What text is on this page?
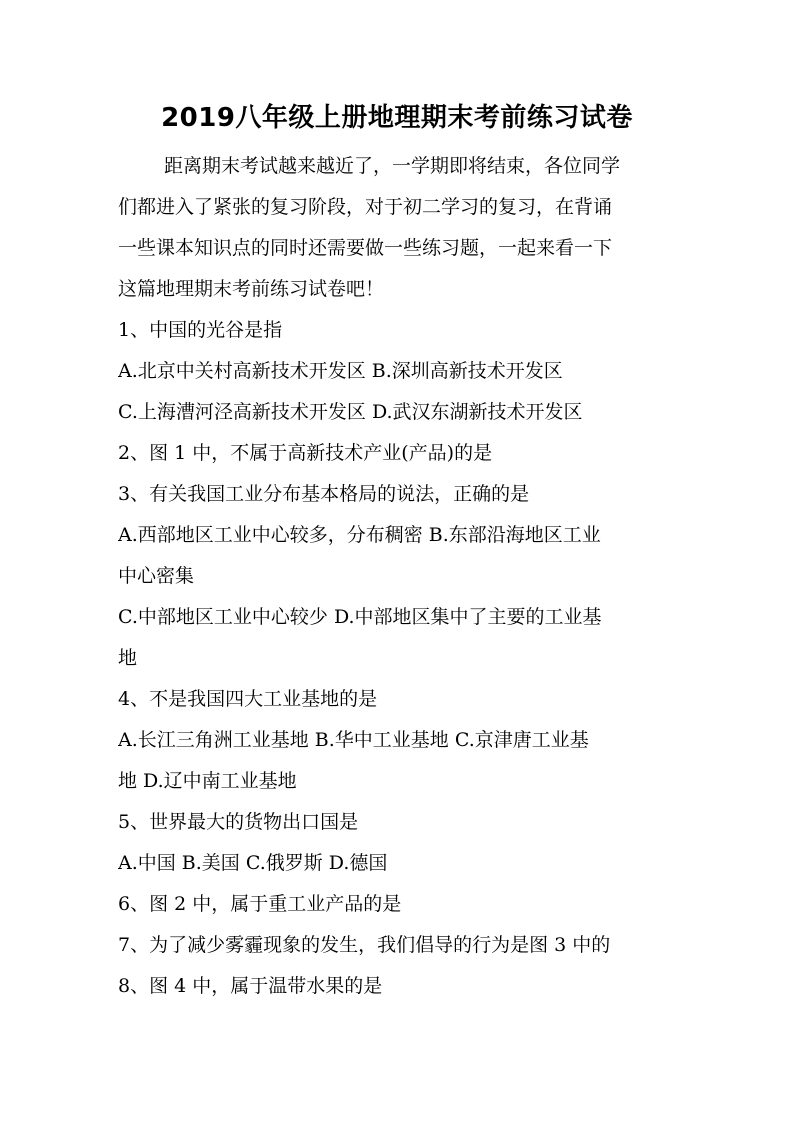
2019八年级上册地理期末考前练习试卷
距离期末考试越来越近了，一学期即将结束，各位同学
们都进入了紧张的复习阶段，对于初二学习的复习，在背诵
一些课本知识点的同时还需要做一些练习题，一起来看一下
这篇地理期末考前练习试卷吧！
1、中国的光谷是指
A.北京中关村高新技术开发区 B.深圳高新技术开发区
C.上海漕河泾高新技术开发区 D.武汉东湖新技术开发区
2、图 1 中，不属于高新技术产业(产品)的是
3、有关我国工业分布基本格局的说法，正确的是
A.西部地区工业中心较多，分布稠密 B.东部沿海地区工业
中心密集
C.中部地区工业中心较少 D.中部地区集中了主要的工业基
地
4、不是我国四大工业基地的是
A.长江三角洲工业基地 B.华中工业基地 C.京津唐工业基
地 D.辽中南工业基地
5、世界最大的货物出口国是
A.中国 B.美国 C.俄罗斯 D.德国
6、图 2 中，属于重工业产品的是
7、为了减少雾霾现象的发生，我们倡导的行为是图 3 中的
8、图 4 中，属于温带水果的是
